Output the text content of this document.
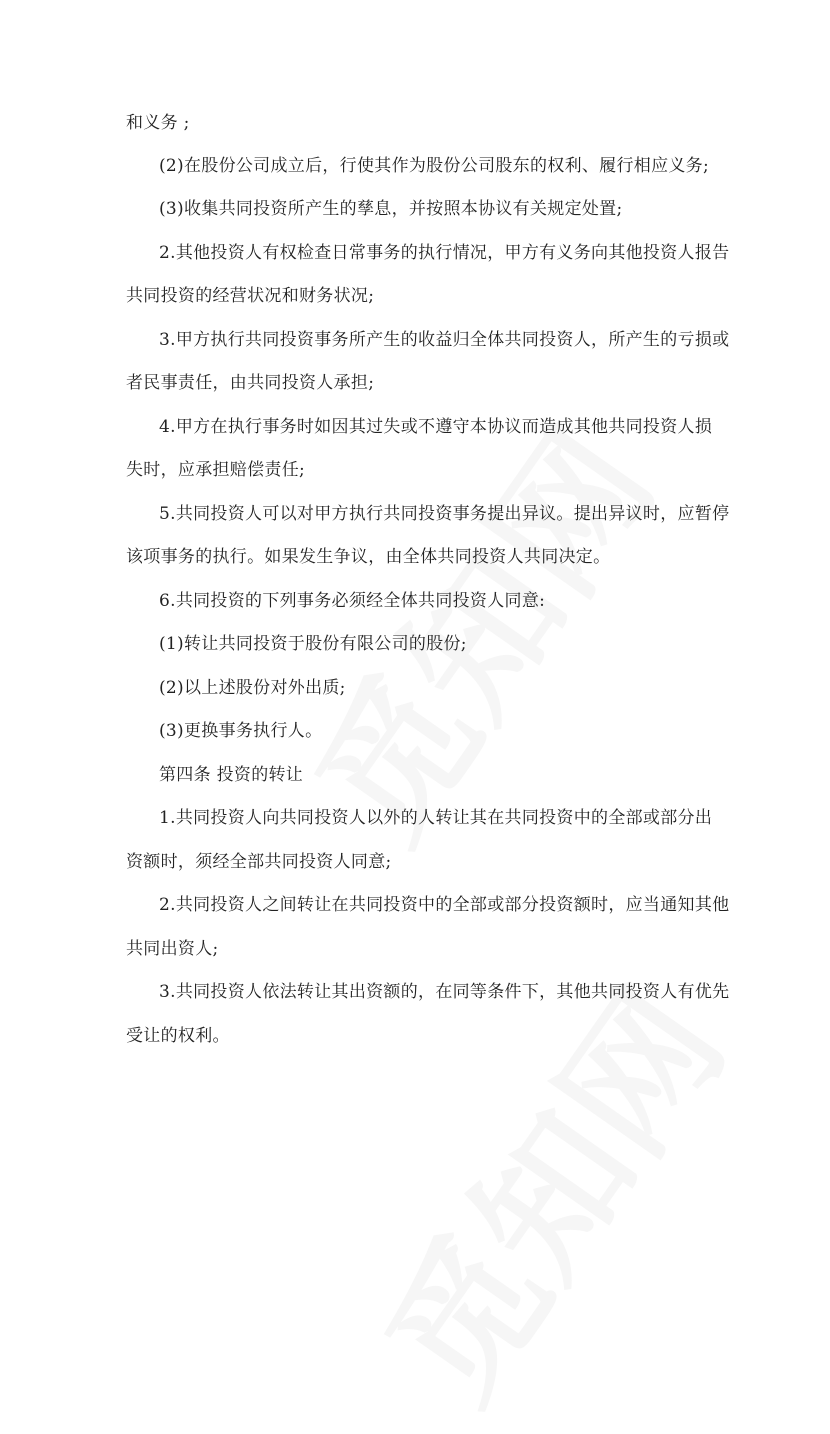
和义务 ;
(2)在股份公司成立后，行使其作为股份公司股东的权利、履行相应义务;
(3)收集共同投资所产生的孳息，并按照本协议有关规定处置;
2.其他投资人有权检查日常事务的执行情况，甲方有义务向其他投资人报告
共同投资的经营状况和财务状况;
3.甲方执行共同投资事务所产生的收益归全体共同投资人，所产生的亏损或
者民事责任，由共同投资人承担;
4.甲方在执行事务时如因其过失或不遵守本协议而造成其他共同投资人损
失时，应承担赔偿责任;
5.共同投资人可以对甲方执行共同投资事务提出异议。提出异议时，应暂停
该项事务的执行。如果发生争议，由全体共同投资人共同决定。
6.共同投资的下列事务必须经全体共同投资人同意:
(1)转让共同投资于股份有限公司的股份;
(2)以上述股份对外出质;
(3)更换事务执行人。
第四条 投资的转让
1.共同投资人向共同投资人以外的人转让其在共同投资中的全部或部分出
资额时，须经全部共同投资人同意;
2.共同投资人之间转让在共同投资中的全部或部分投资额时，应当通知其他
共同出资人;
3.共同投资人依法转让其出资额的，在同等条件下，其他共同投资人有优先
受让的权利。
